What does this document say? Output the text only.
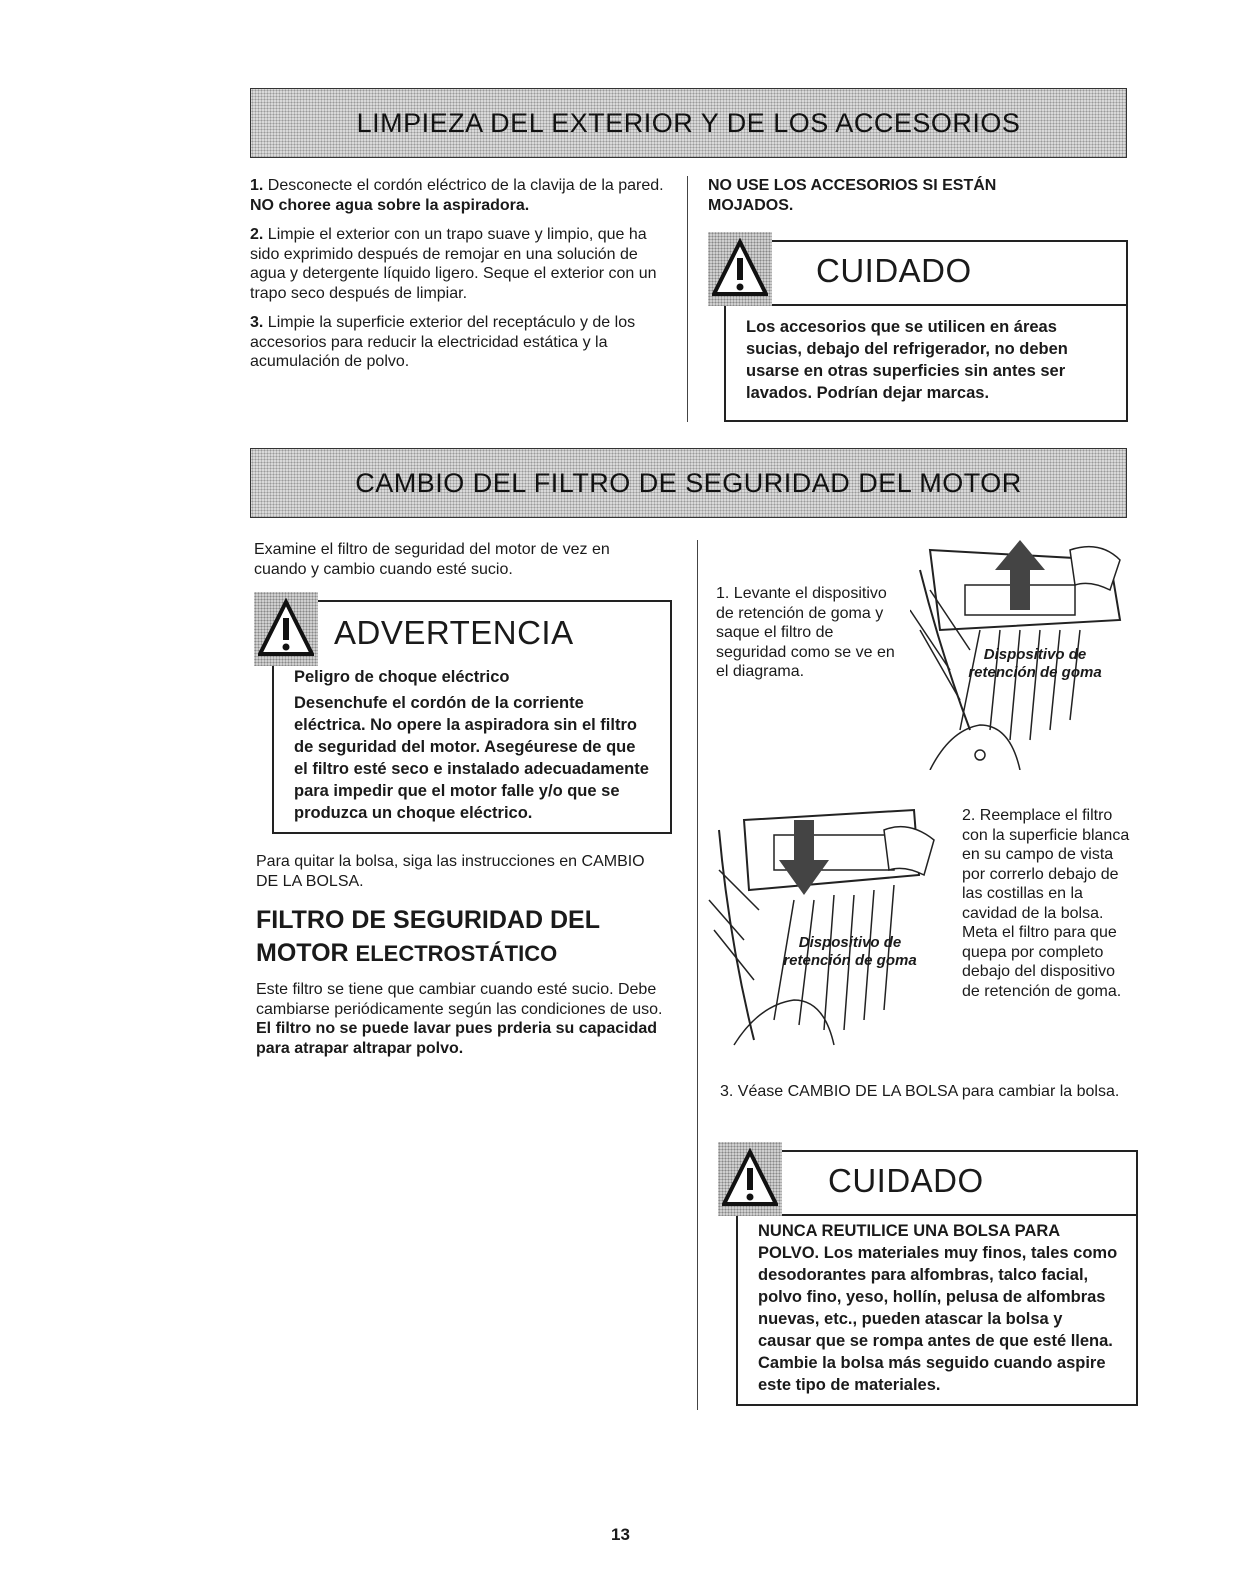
LIMPIEZA DEL EXTERIOR Y DE LOS ACCESORIOS

1. Desconecte el cordón eléctrico de la clavija de la pared. NO choree agua sobre la aspiradora.

2. Limpie el exterior con un trapo suave y limpio, que ha sido exprimido después de remojar en una solución de agua y detergente líquido ligero. Seque el exterior con un trapo seco después de limpiar.

3. Limpie la superficie exterior del receptáculo y de los accesorios para reducir la electricidad estática y la acumulación de polvo.

NO USE LOS ACCESORIOS SI ESTÁN MOJADOS.
CUIDADO
Los accesorios que se utilicen en áreas sucias, debajo del refrigerador, no deben usarse en otras superficies sin antes ser lavados. Podrían dejar marcas.
CAMBIO DEL FILTRO DE SEGURIDAD DEL MOTOR
Examine el filtro de seguridad del motor de vez en cuando y cambio cuando esté sucio.
ADVERTENCIA
Peligro de choque eléctrico
Desenchufe el cordón de la corriente eléctrica. No opere la aspiradora sin el filtro de seguridad del motor. Asegéurese de que el filtro esté seco e instalado adecuadamente para impedir que el motor falle y/o que se produzca un choque eléctrico.
Para quitar la bolsa, siga las instrucciones en CAMBIO DE LA BOLSA.
FILTRO DE SEGURIDAD DEL
MOTOR ELECTROSTÁTICO
Este filtro se tiene que cambiar cuando esté sucio. Debe cambiarse periódicamente según las condiciones de uso. El filtro no se puede lavar pues prderia su capacidad para atrapar altrapar polvo.
1. Levante el dispositivo de retención de goma y saque el filtro de seguridad como se ve en el diagrama.
Dispositivo de
retención de goma
Dispositivo de
retención de goma
2. Reemplace el filtro con la superficie blanca en su campo de vista por correrlo debajo de las costillas en la cavidad de la bolsa. Meta el filtro para que quepa por completo debajo del dispositivo de retención de goma.
3. Véase CAMBIO DE LA BOLSA para cambiar la bolsa.
CUIDADO
NUNCA REUTILICE UNA BOLSA PARA POLVO. Los materiales muy finos, tales como desodorantes para alfombras, talco facial, polvo fino, yeso, hollín, pelusa de alfombras nuevas, etc., pueden atascar la bolsa y causar que se rompa antes de que esté llena. Cambie la bolsa más seguido cuando aspire este tipo de materiales.
13
